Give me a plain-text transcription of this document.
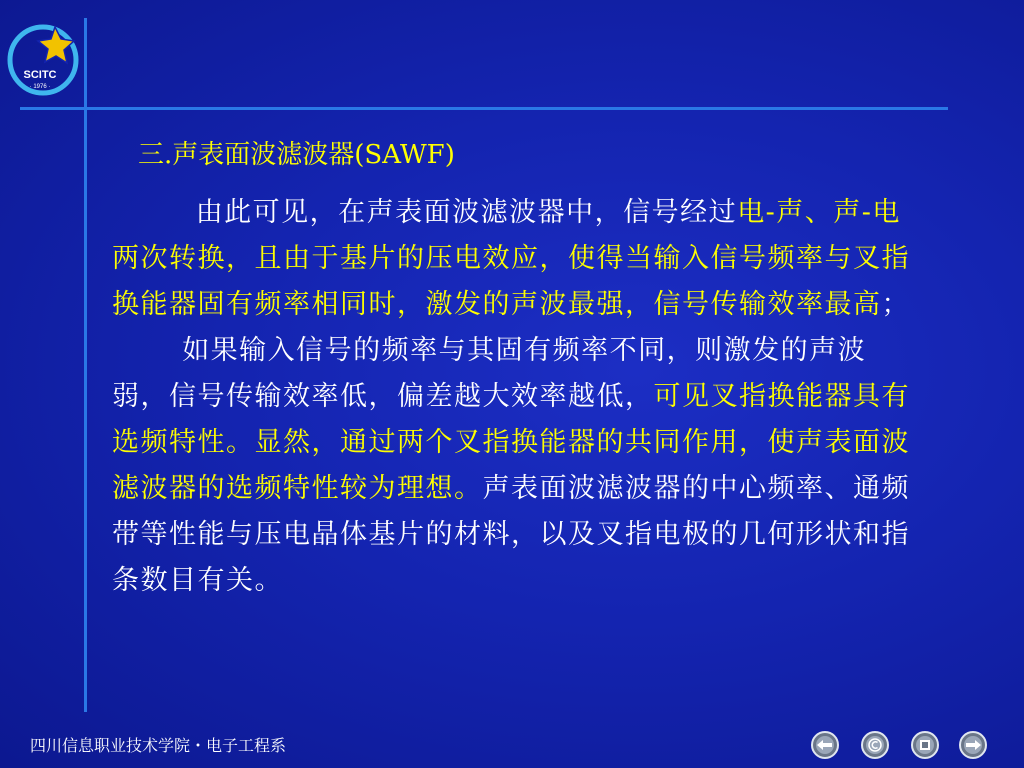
SCITC
· 1976 ·
三.声表面波滤波器(SAWF)

由此可见，在声表面波滤波器中，信号经过电-声、声-电两次转换，且由于基片的压电效应，使得当输入信号频率与叉指换能器固有频率相同时，激发的声波最强，信号传输效率最高；

如果输入信号的频率与其固有频率不同，则激发的声波弱，信号传输效率低，偏差越大效率越低，可见叉指换能器具有选频特性。显然，通过两个叉指换能器的共同作用，使声表面波滤波器的选频特性较为理想。声表面波滤波器的中心频率、通频带等性能与压电晶体基片的材料，以及叉指电极的几何形状和指条数目有关。

四川信息职业技术学院・电子工程系
